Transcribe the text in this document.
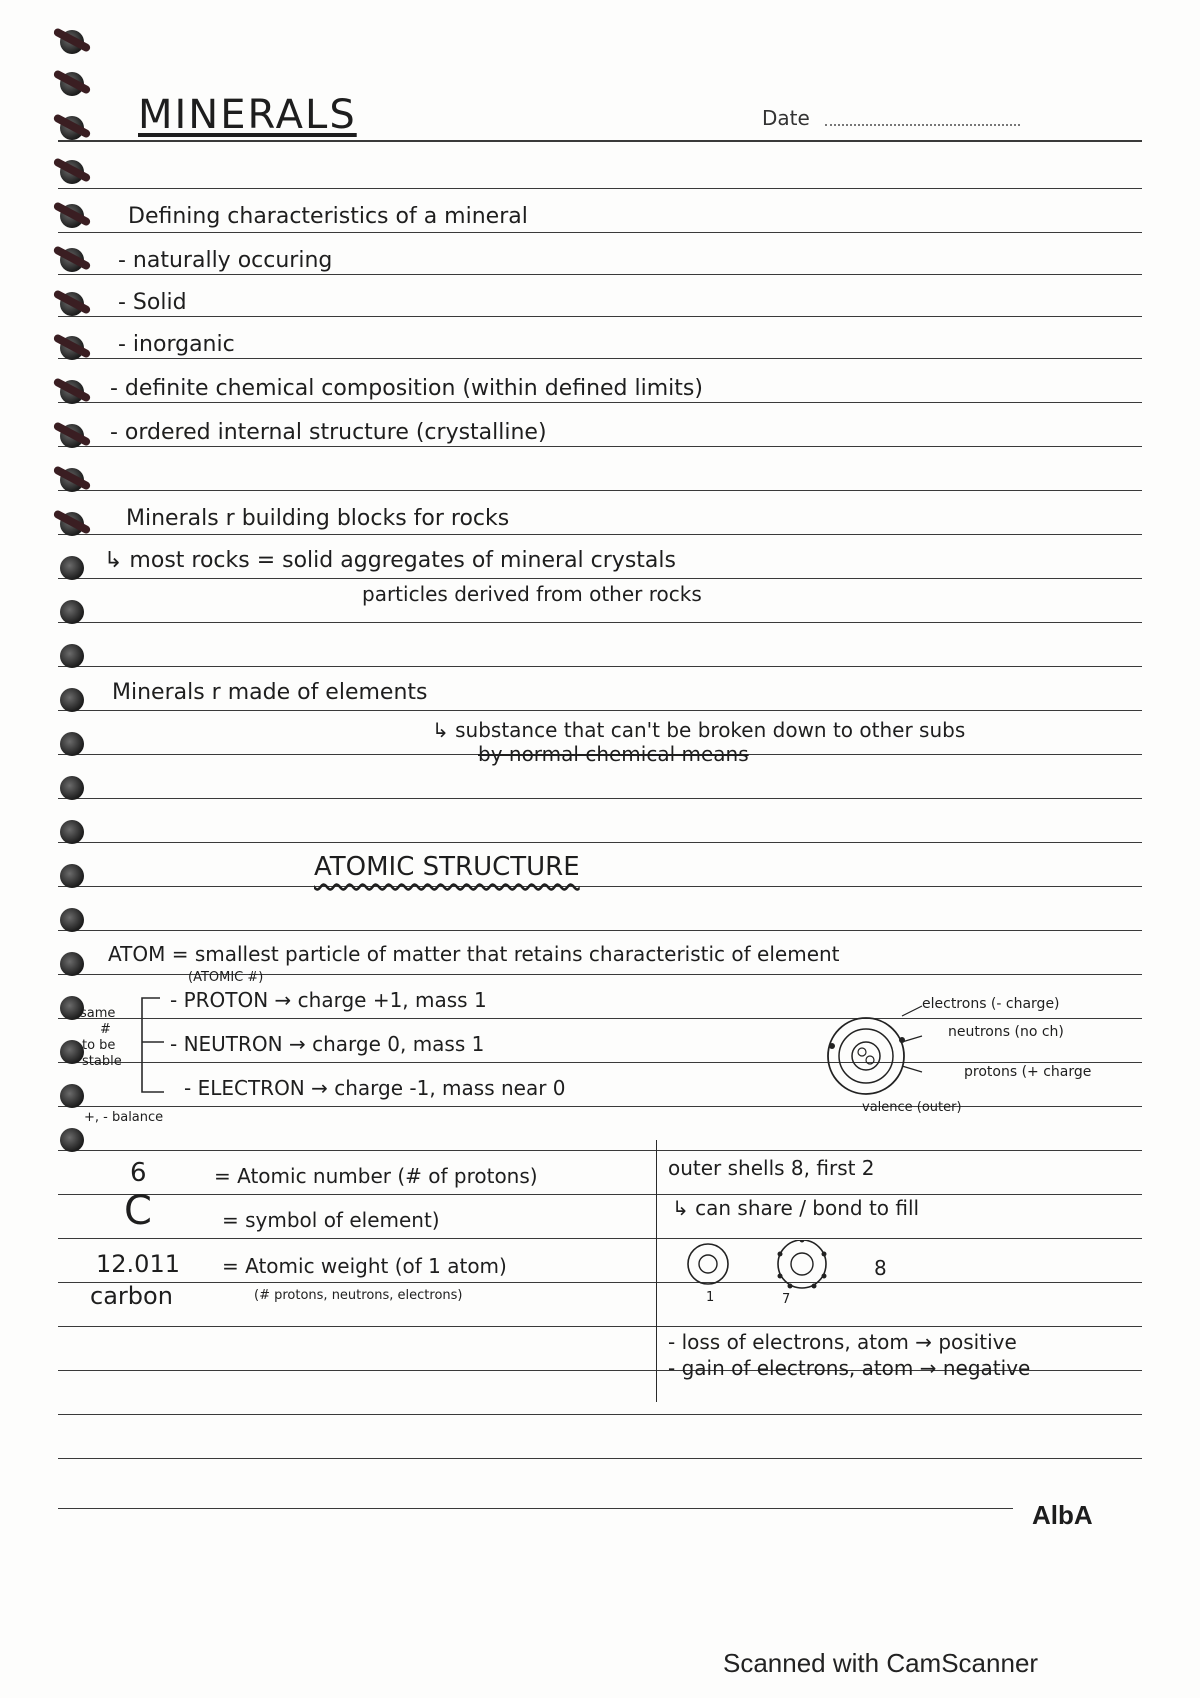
MINERALS	Date
Defining characteristics of a mineral
- naturally occuring
- Solid
- inorganic
- definite chemical composition (within defined limits)
- ordered internal structure (crystalline)
Minerals r building blocks for rocks
↳ most rocks = solid aggregates of mineral crystals
particles derived from other rocks
Minerals r made of elements
↳ substance that can't be broken down to other subs
by normal chemical means
ATOMIC STRUCTURE
ATOM = smallest particle of matter that retains characteristic of element
(ATOMIC #)
- PROTON → charge +1, mass 1
- NEUTRON → charge 0, mass 1
- ELECTRON → charge -1, mass near 0
same
#
to be
stable
+, - balance
electrons (- charge)
neutrons (no ch)
protons (+ charge
valence (outer)
6	= Atomic number (# of protons)
C	= symbol of element)
12.011 = Atomic weight (of 1 atom)
carbon	(# protons, neutrons, electrons)
outer shells 8, first 2
↳ can share / bond to fill
8
1	7
- loss of electrons, atom → positive
- gain of electrons, atom → negative
AlbA
Scanned with CamScanner
